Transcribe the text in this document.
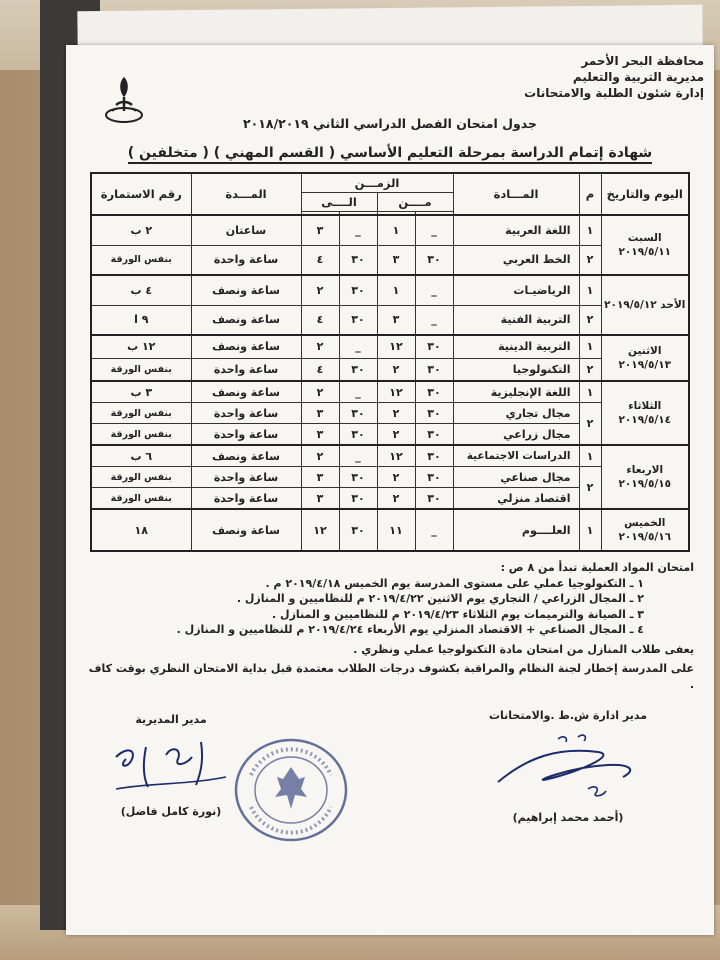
محافظة البحر الأحمر
مديرية التربية والتعليم
إدارة شئون الطلبة والامتحانات
جدول امتحان الفصل الدراسي الثاني ٢٠١٨/٢٠١٩
شهادة إتمام الدراسة بمرحلة التعليم الأساسي ( القسم المهني ) ( متخلفين )
اليوم والتاريخ	م	المـــادة	الزمـــن				المـــدة	رقم الاستمارة
			مــــن		الــــى			

السبت ٢٠١٩/٥/١١	١	اللغة العربية	_	١	_	٣	ساعتان	٢ ب
	٢	الخط العربي	٣٠	٣	٣٠	٤	ساعة واحدة	بنفس الورقة
الأحد ٢٠١٩/٥/١٢	١	الرياضيـات	_	١	٣٠	٢	ساعة ونصف	٤ ب
	٢	التربية الفنية	_	٣	٣٠	٤	ساعة ونصف	٩ ا
الاثنين ٢٠١٩/٥/١٣	١	التربية الدينية	٣٠	١٢	_	٢	ساعة ونصف	١٢ ب
	٢	التكنولوجيا	٣٠	٢	٣٠	٤	ساعة واحدة	بنفس الورقة
الثلاثاء ٢٠١٩/٥/١٤	١	اللغة الإنجليزية	٣٠	١٢	_	٢	ساعة ونصف	٣ ب
	٢	مجال تجاري	٣٠	٢	٣٠	٣	ساعة واحدة	بنفس الورقة
		مجال زراعي	٣٠	٢	٣٠	٣	ساعة واحدة	بنفس الورقة
الاربعاء ٢٠١٩/٥/١٥	١	الدراسات الاجتماعية	٣٠	١٢	_	٢	ساعة ونصف	٦ ب
	٢	مجال صناعي	٣٠	٢	٣٠	٣	ساعة واحدة	بنفس الورقة
		اقتصاد منزلي	٣٠	٢	٣٠	٣	ساعة واحدة	بنفس الورقة
الخميس ٢٠١٩/٥/١٦	١	العلــــوم	_	١١	٣٠	١٢	ساعة ونصف	١٨
امتحان المواد العملية تبدأ من ٨ ص :
١ ـ التكنولوجيا عملي على مستوى المدرسة يوم الخميس ٢٠١٩/٤/١٨ م .
٢ ـ المجال الزراعي / التجاري يوم الاثنين ٢٠١٩/٤/٢٢ م للنظاميين و المنازل .
٣ ـ الصيانة والترميمات يوم الثلاثاء ٢٠١٩/٤/٢٣ م للنظاميين و المنازل .
٤ ـ المجال الصناعي + الاقتصاد المنزلي يوم الأربعاء ٢٠١٩/٤/٢٤ م للنظاميين و المنازل .
يعفى طلاب المنازل من امتحان مادة التكنولوجيا عملي ونظري .
على المدرسة إخطار لجنة النظام والمراقبة بكشوف درجات الطلاب معتمدة قبل بداية الامتحان النظري بوقت كاف .
مدير ادارة ش.ط .والامتحانات
(أحمد محمد إبراهيم)
مدير المديرية
(نورة كامل فاضل)
